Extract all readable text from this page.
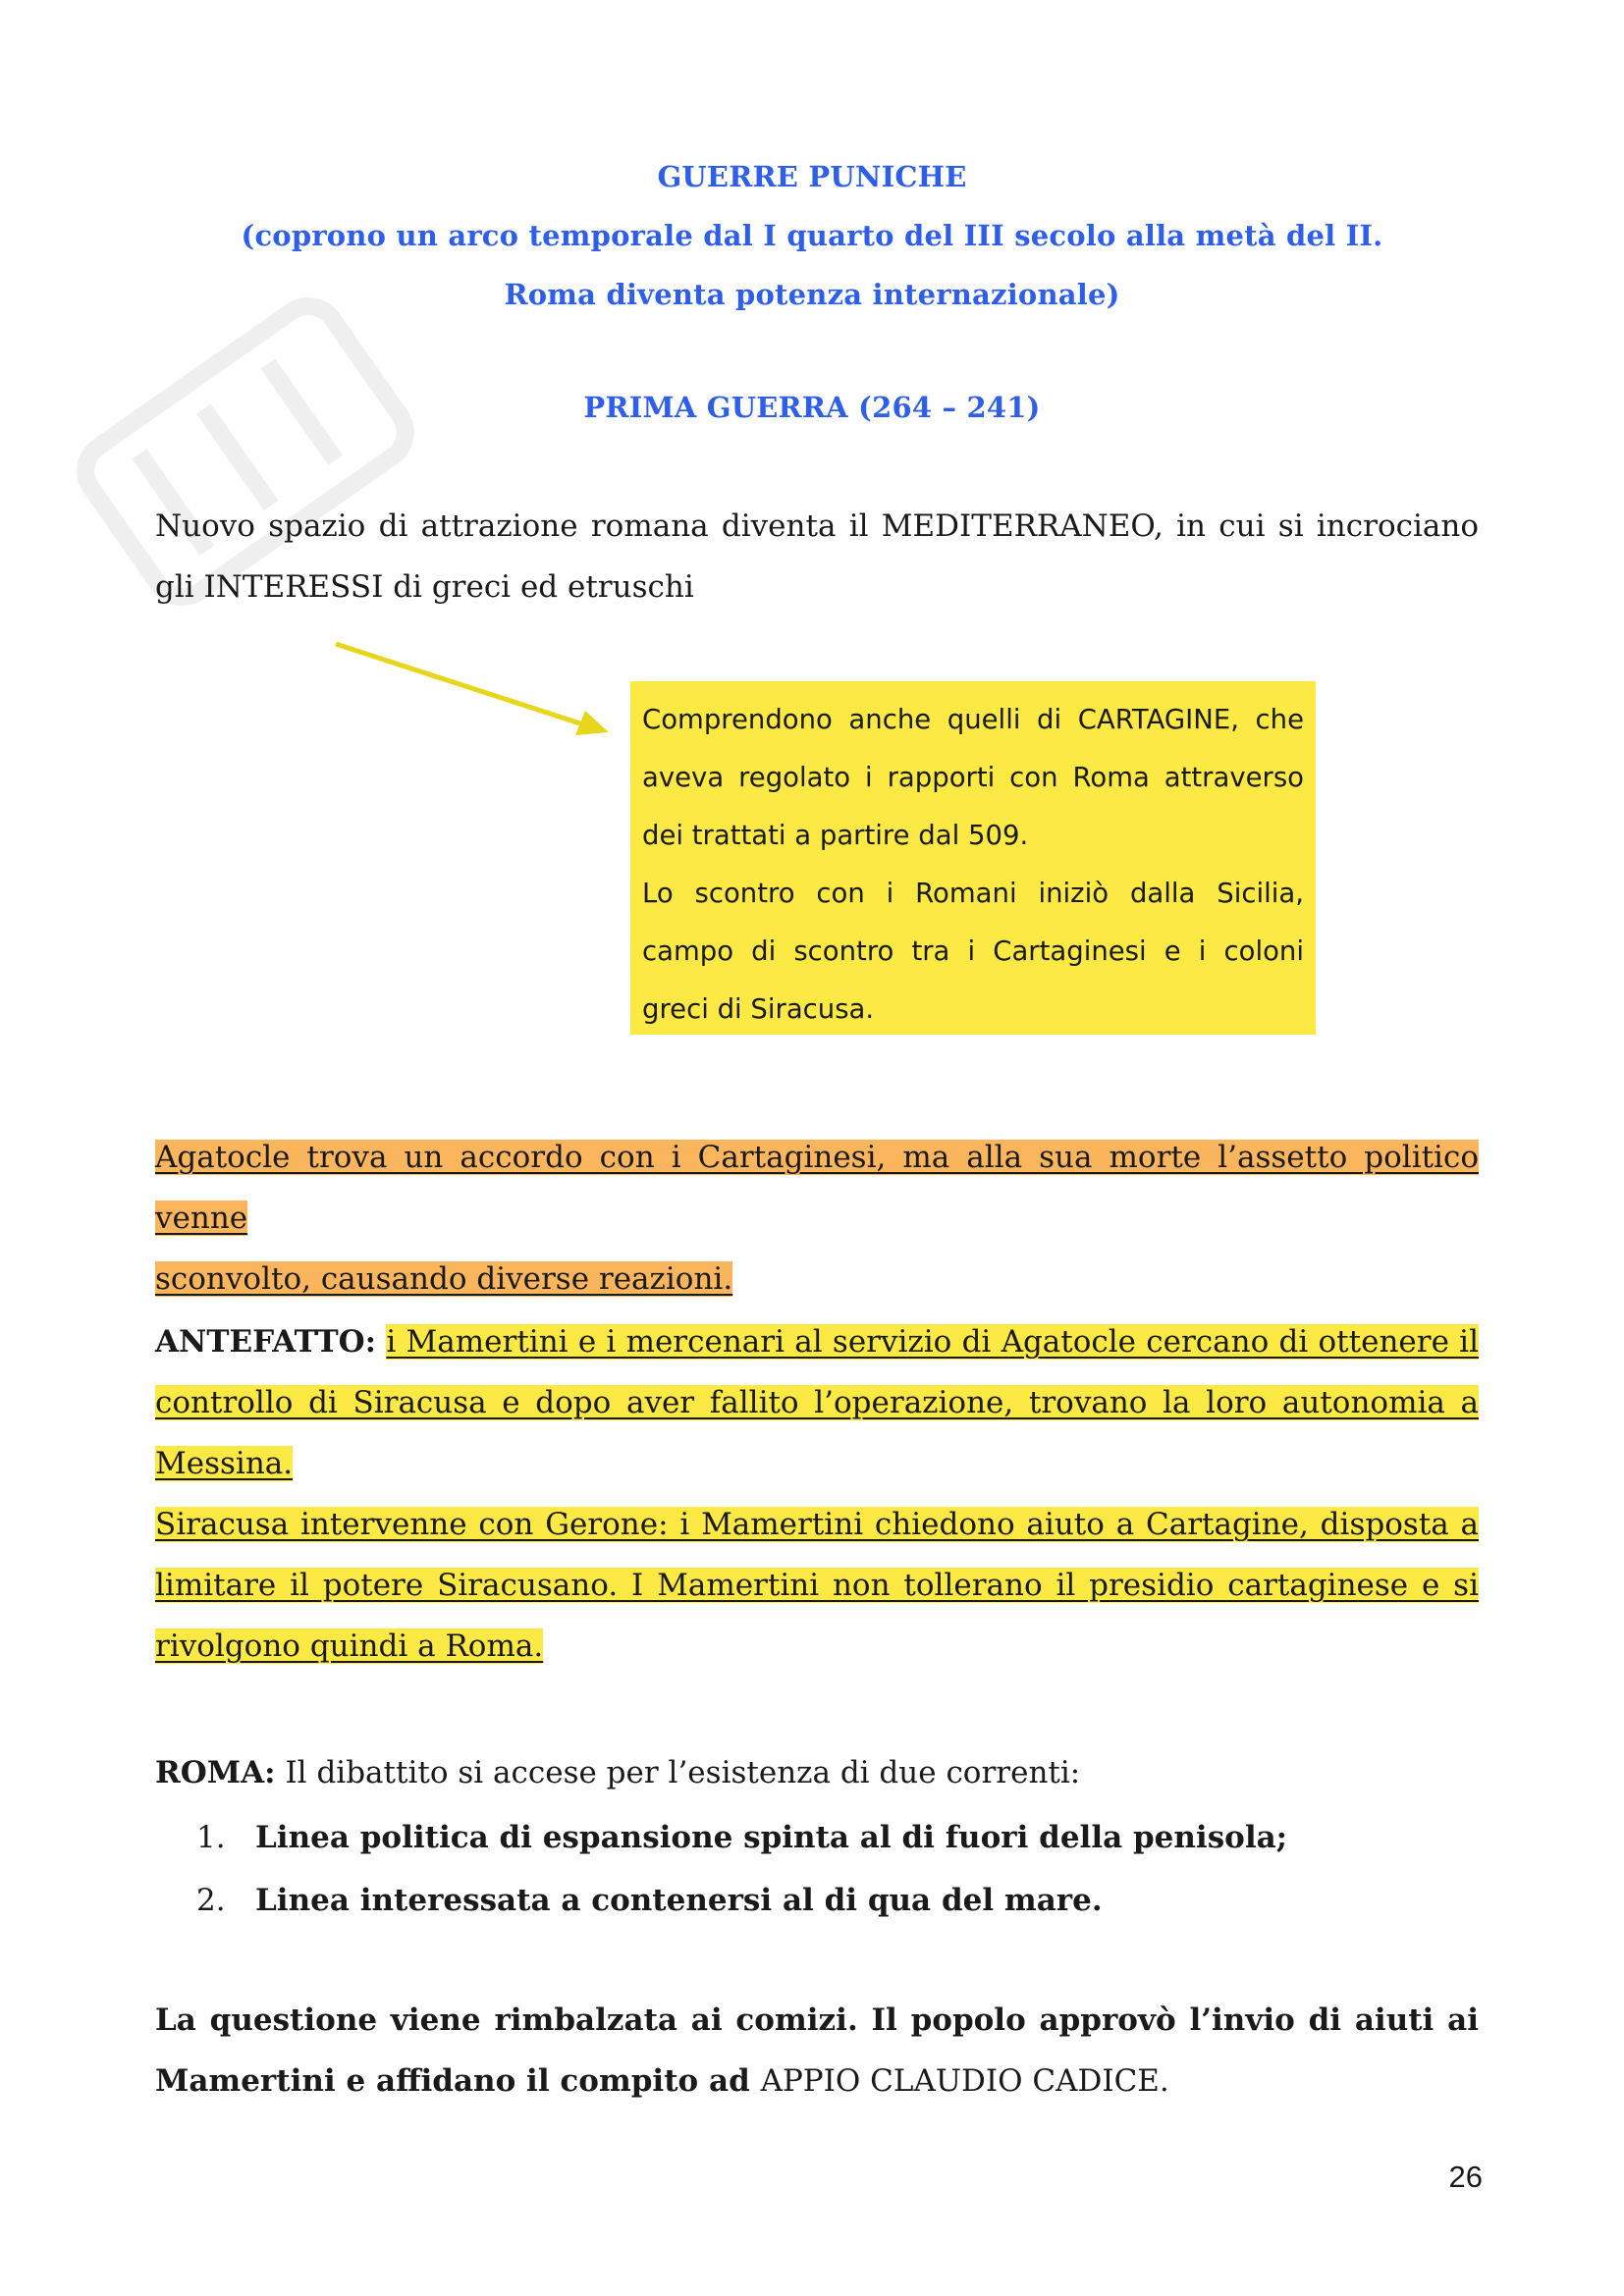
GUERRE PUNICHE

(coprono un arco temporale dal I quarto del III secolo alla metà del II.

Roma diventa potenza internazionale)

PRIMA GUERRA (264 – 241)

Nuovo spazio di attrazione romana diventa il MEDITERRANEO, in cui si incrociano
gli INTERESSI di greci ed etruschi

Comprendono anche quelli di CARTAGINE, che aveva regolato i rapporti con Roma attraverso dei trattati a partire dal 509.

Lo scontro con i Romani iniziò dalla Sicilia, campo di scontro tra i Cartaginesi e i coloni greci di Siracusa.

Agatocle trova un accordo con i Cartaginesi, ma alla sua morte l’assetto politico venne
sconvolto, causando diverse reazioni.
ANTEFATTO: i Mamertini e i mercenari al servizio di Agatocle cercano di ottenere il
controllo di Siracusa e dopo aver fallito l’operazione, trovano la loro autonomia a
Messina.
Siracusa intervenne con Gerone: i Mamertini chiedono aiuto a Cartagine, disposta a
limitare il potere Siracusano. I Mamertini non tollerano il presidio cartaginese e si
rivolgono quindi a Roma.
ROMA: Il dibattito si accese per l’esistenza di due correnti:
1. Linea politica di espansione spinta al di fuori della penisola;
2. Linea interessata a contenersi al di qua del mare.
La questione viene rimbalzata ai comizi. Il popolo approvò l’invio di aiuti ai
Mamertini e affidano il compito ad APPIO CLAUDIO CADICE.
26
